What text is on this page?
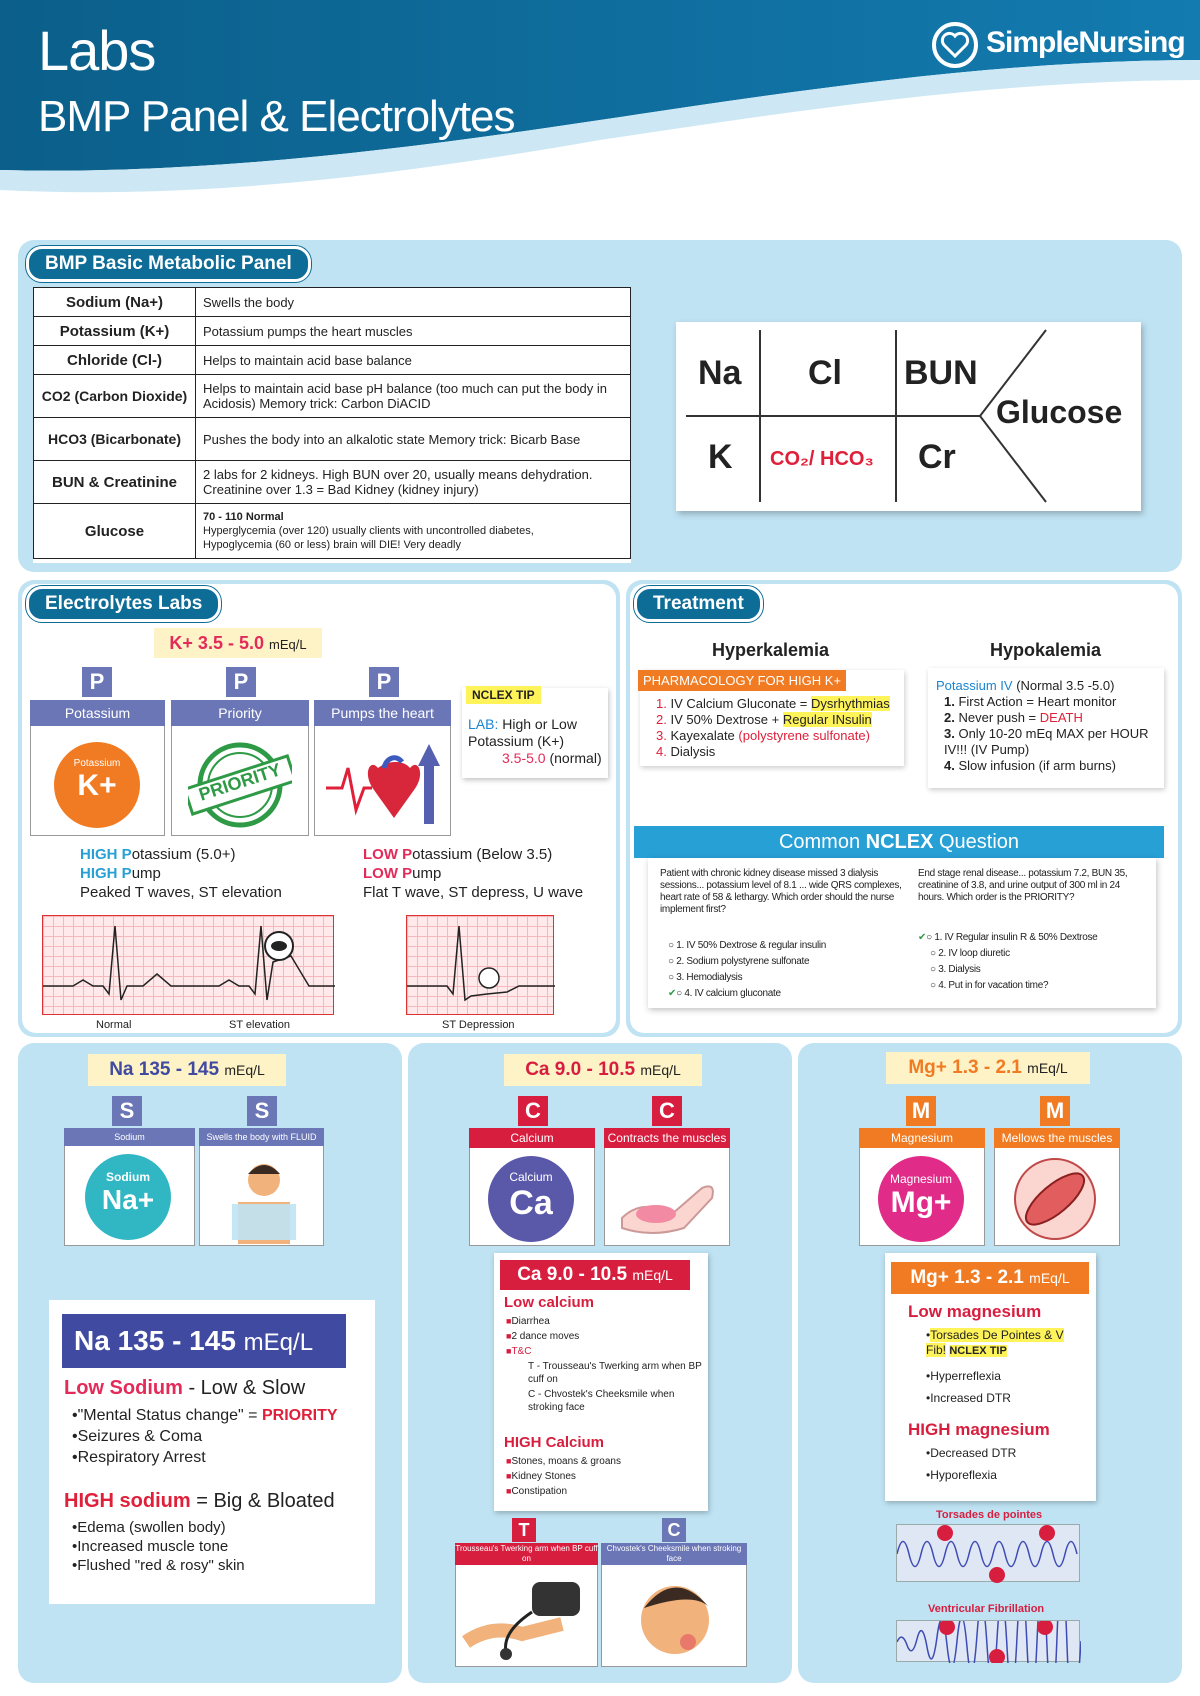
Labs
BMP Panel & Electrolytes
SimpleNursing
BMP Basic Metabolic Panel
Sodium (Na+)	Swells the body
Potassium (K+)	Potassium pumps the heart muscles
Chloride (Cl-)	Helps to maintain acid base balance
CO2 (Carbon Dioxide)	Helps to maintain acid base pH balance (too much can put the body in Acidosis) Memory trick: Carbon DiACID
HCO3 (Bicarbonate)	Pushes the body into an alkalotic state Memory trick: Bicarb Base
BUN & Creatinine	2 labs for 2 kidneys. High BUN over 20, usually means dehydration. Creatinine over 1.3 = Bad Kidney (kidney injury)
Glucose	70 - 110 Normal
Hyperglycemia (over 120) usually clients with uncontrolled diabetes,
Hypoglycemia (60 or less) brain will DIE! Very deadly
Na Cl BUN
Glucose
K CO₂/ HCO₃ Cr
Electrolytes Labs
K+ 3.5 - 5.0 mEq/L
P	P	P
Potassium	Priority	Pumps the heart
Potassium
K+	PRIORITY
NCLEX TIP
LAB: High or Low Potassium (K+)
3.5-5.0 (normal)
HIGH Potassium (5.0+)
HIGH Pump
Peaked T waves, ST elevation
LOW Potassium (Below 3.5)
LOW Pump
Flat T wave, ST depress, U wave
Normal	ST elevation	ST Depression
Treatment
Hyperkalemia	Hypokalemia
PHARMACOLOGY FOR HIGH K+
1. IV Calcium Gluconate = Dysrhythmias
2. IV 50% Dextrose + Regular INsulin
3. Kayexalate (polystyrene sulfonate)
4. Dialysis
Potassium IV (Normal 3.5 -5.0)
1. First Action = Heart monitor
2. Never push = DEATH
3. Only 10-20 mEq MAX per HOUR IV!!! (IV Pump)
4. Slow infusion (if arm burns)
Common NCLEX Question
Patient with chronic kidney disease missed 3 dialysis sessions... potassium level of 8.1 ... wide QRS complexes, heart rate of 58 & lethargy. Which order should the nurse implement first?
○ 1. IV 50% Dextrose & regular insulin
○ 2. Sodium polystyrene sulfonate
○ 3. Hemodialysis
✔○ 4. IV calcium gluconate
End stage renal disease... potassium 7.2, BUN 35, creatinine of 3.8, and urine output of 300 ml in 24 hours. Which order is the PRIORITY?
✔○ 1. IV Regular insulin R & 50% Dextrose
○ 2. IV loop diuretic
○ 3. Dialysis
○ 4. Put in for vacation time?
Na 135 - 145 mEq/L
S	S
Sodium	Swells the body with FLUID
Sodium
Na+
Na 135 - 145 mEq/L
Low Sodium - Low & Slow
• "Mental Status change" = PRIORITY
• Seizures & Coma
• Respiratory Arrest
HIGH sodium = Big & Bloated
• Edema (swollen body)
• Increased muscle tone
• Flushed "red & rosy" skin
Ca 9.0 - 10.5 mEq/L
C	C
Calcium	Contracts the muscles
Calcium
Ca
Ca 9.0 - 10.5 mEq/L
Low calcium
■ Diarrhea
■ 2 dance moves
■ T&C
T - Trousseau's Twerking arm when BP cuff on
C - Chvostek's Cheeksmile when stroking face
HIGH Calcium
■ Stones, moans & groans
■ Kidney Stones
■ Constipation
T	C
Trousseau's Twerking arm when BP cuff on
Chvostek's Cheeksmile when stroking face
Mg+ 1.3 - 2.1 mEq/L
M	M
Magnesium	Mellows the muscles
Magnesium
Mg+
Mg+ 1.3 - 2.1 mEq/L
Low magnesium
• Torsades De Pointes & V Fib! NCLEX TIP
• Hyperreflexia
• Increased DTR
HIGH magnesium
• Decreased DTR
• Hyporeflexia
Torsades de pointes
Ventricular Fibrillation
